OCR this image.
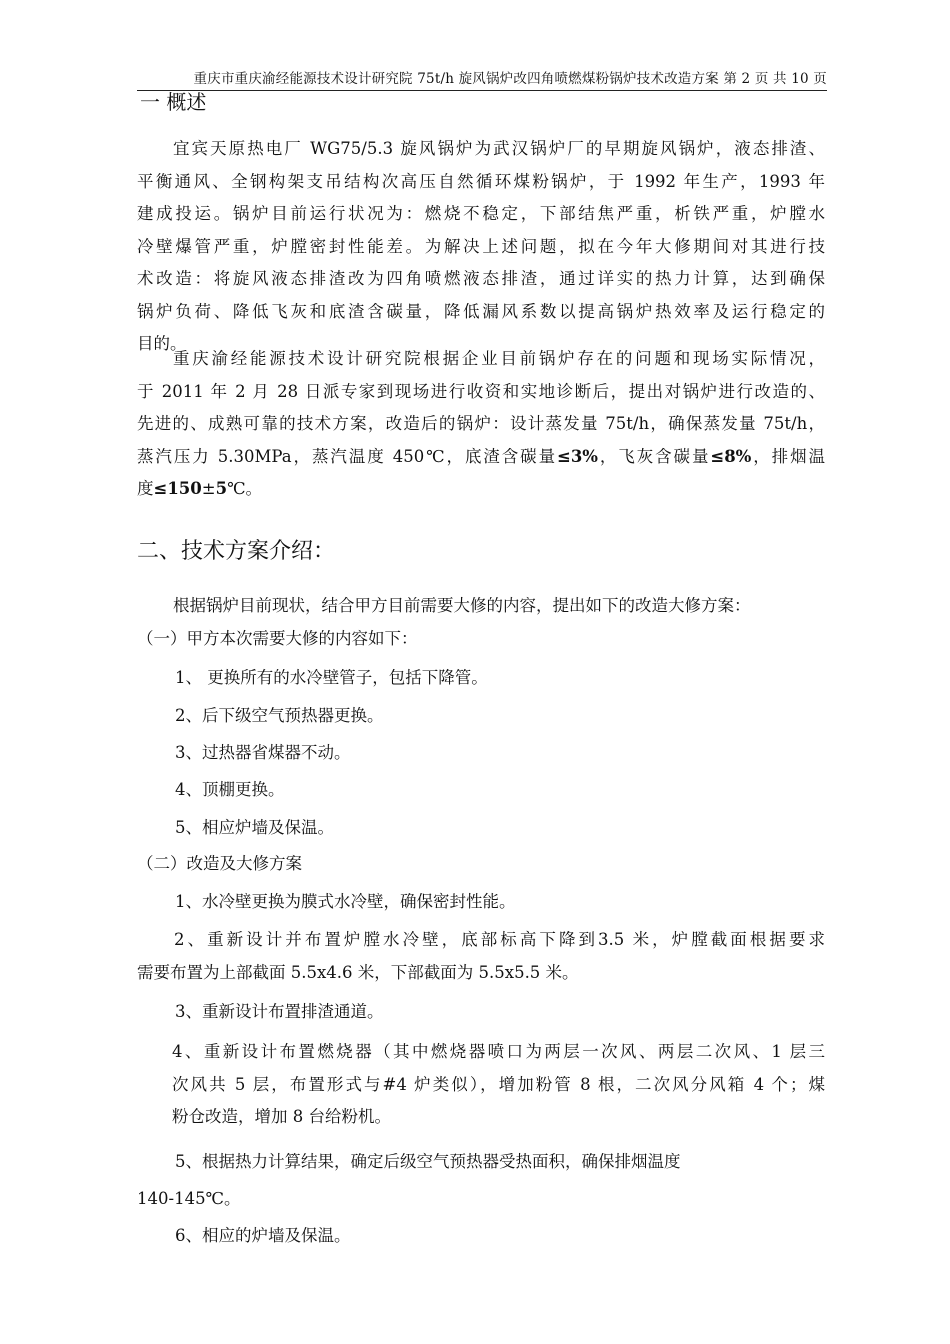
重庆市重庆渝经能源技术设计研究院 75t/h 旋风锅炉改四角喷燃煤粉锅炉技术改造方案 第 2 页 共 10 页
一 概述
宜宾天原热电厂 WG75/5.3 旋风锅炉为武汉锅炉厂的早期旋风锅炉，液态排渣、
平衡通风、全钢构架支吊结构次高压自然循环煤粉锅炉，于 1992 年生产，1993 年
建成投运。锅炉目前运行状况为：燃烧不稳定，下部结焦严重，析铁严重，炉膛水
冷壁爆管严重，炉膛密封性能差。为解决上述问题，拟在今年大修期间对其进行技
术改造：将旋风液态排渣改为四角喷燃液态排渣，通过详实的热力计算，达到确保
锅炉负荷、降低飞灰和底渣含碳量，降低漏风系数以提高锅炉热效率及运行稳定的
目的。
重庆渝经能源技术设计研究院根据企业目前锅炉存在的问题和现场实际情况，
于 2011 年 2 月 28 日派专家到现场进行收资和实地诊断后，提出对锅炉进行改造的、
先进的、成熟可靠的技术方案，改造后的锅炉：设计蒸发量 75t/h，确保蒸发量 75t/h，
蒸汽压力 5.30MPa，蒸汽温度 450℃，底渣含碳量≤3%，飞灰含碳量≤8%，排烟温
度≤150±5℃。
二、技术方案介绍：
根据锅炉目前现状，结合甲方目前需要大修的内容，提出如下的改造大修方案：
（一）甲方本次需要大修的内容如下：
1、 更换所有的水冷壁管子，包括下降管。
2、后下级空气预热器更换。
3、过热器省煤器不动。
4、顶棚更换。
5、相应炉墙及保温。
（二）改造及大修方案
1、水冷壁更换为膜式水冷壁，确保密封性能。
2、重新设计并布置炉膛水冷壁，底部标高下降到3.5 米，炉膛截面根据要求
需要布置为上部截面 5.5x4.6 米，下部截面为 5.5x5.5 米。
3、重新设计布置排渣通道。
4、重新设计布置燃烧器（其中燃烧器喷口为两层一次风、两层二次风、1 层三
次风共 5 层，布置形式与#4 炉类似），增加粉管 8 根，二次风分风箱 4 个；煤
粉仓改造，增加 8 台给粉机。
5、根据热力计算结果，确定后级空气预热器受热面积，确保排烟温度
140-145℃。
6、相应的炉墙及保温。
